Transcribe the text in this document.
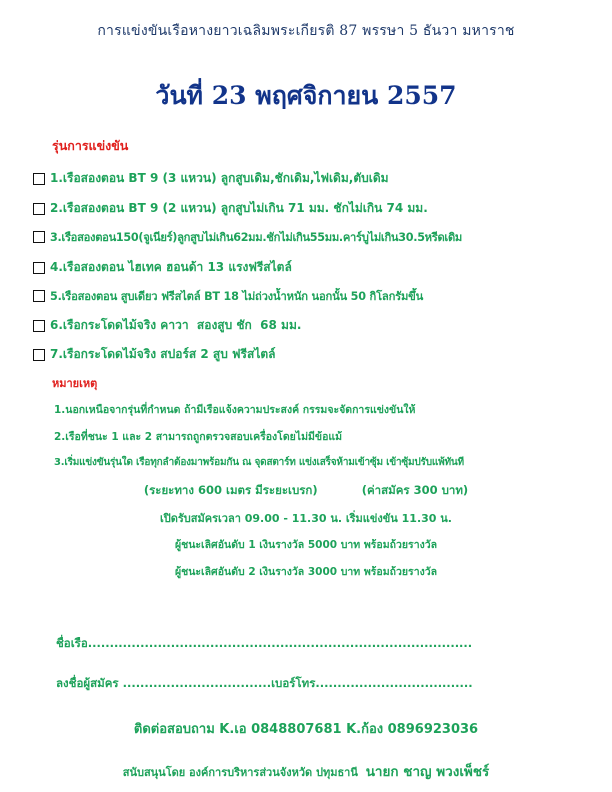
การแข่งขันเรือหางยาวเฉลิมพระเกียรติ 87 พรรษา 5 ธันวา มหาราช
วันที่ 23 พฤศจิกายน 2557
รุ่นการแข่งขัน
1.เรือสองตอน BT 9 (3 แหวน) ลูกสูบเดิม,ชักเดิม,ไฟเดิม,ตับเดิม
2.เรือสองตอน BT 9 (2 แหวน) ลูกสูบไม่เกิน 71 มม. ชักไม่เกิน 74 มม.
3.เรือสองตอน150(จูเนียร์)ลูกสูบไม่เกิน62มม.ชักไม่เกิน55มม.คาร์บูไม่เกิน30.5หรีดเดิม
4.เรือสองตอน ไฮเทค ฮอนด้า 13 แรงฟรีสไตล์
5.เรือสองตอน สูบเดียว ฟรีสไตล์ BT 18 ไม่ถ่วงน้ำหนัก นอกนั้น 50 กิโลกรัมขึ้น
6.เรือกระโดดไม้จริง คาวา  สองสูบ ชัก  68 มม.
7.เรือกระโดดไม้จริง สปอร์ส 2 สูบ ฟรีสไตล์
หมายเหตุ
1.นอกเหนือจากรุ่นที่กำหนด ถ้ามีเรือแจ้งความประสงค์ กรรมจะจัดการแข่งขันให้
2.เรือที่ชนะ 1 และ 2 สามารถถูกตรวจสอบเครื่องโดยไม่มีข้อแม้
3.เริ่มแข่งขันรุ่นใด เรือทุกลำต้องมาพร้อมกัน ณ จุดสตาร์ท แข่งเสร็จห้ามเข้าซุ้ม เข้าซุ้มปรับแพ้ทันที
(ระยะทาง 600 เมตร มีระยะเบรก)	(ค่าสมัคร 300 บาท)
เปิดรับสมัครเวลา 09.00 - 11.30 น. เริ่มแข่งขัน 11.30 น.
ผู้ชนะเลิศอันดับ 1 เงินรางวัล 5000 บาท พร้อมถ้วยรางวัล
ผู้ชนะเลิศอันดับ 2 เงินรางวัล 3000 บาท พร้อมถ้วยรางวัล
ชื่อเรือ........................................................................................
ลงชื่อผู้สมัคร ..................................เบอร์โทร....................................
ติดต่อสอบถาม K.เอ 0848807681 K.ก้อง 0896923036
สนับสนุนโดย องค์การบริหารส่วนจังหวัด ปทุมธานี นายก ชาญ พวงเพ็ชร์
